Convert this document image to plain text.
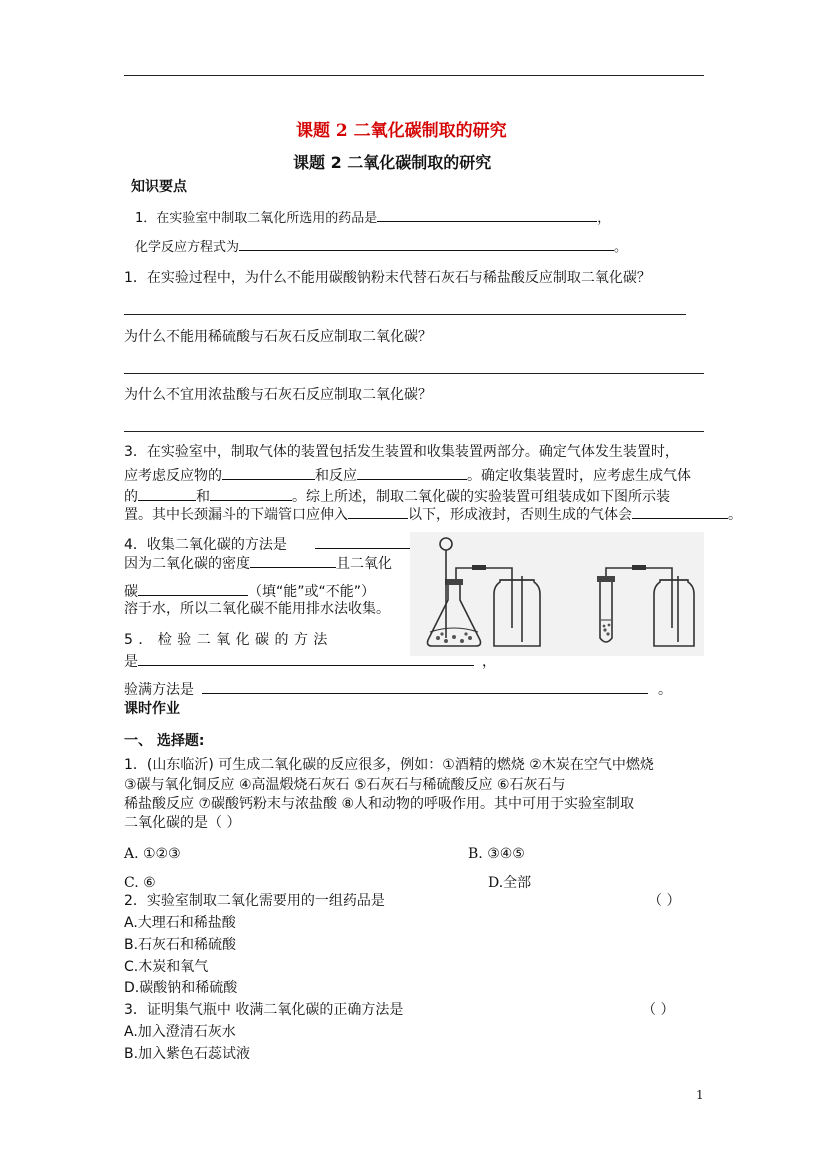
课题 2 二氧化碳制取的研究
课题 2 二氧化碳制取的研究
知识要点
1．在实验室中制取二氧化所选用的药品是	，
化学反应方程式为	。
1．在实验过程中，为什么不能用碳酸钠粉末代替石灰石与稀盐酸反应制取二氧化碳？
为什么不能用稀硫酸与石灰石反应制取二氧化碳？
为什么不宜用浓盐酸与石灰石反应制取二氧化碳？
3．在实验室中，制取气体的装置包括发生装置和收集装置两部分。确定气体发生装置时，
应考虑反应物的	和反应	。确定收集装置时，应考虑生成气体
的	和	。综上所述，制取二氧化碳的实验装置可组装成如下图所示装
置。其中长颈漏斗的下端管口应伸入	以下，形成液封，否则生成的气体会	。
4．收集二氧化碳的方法是
因为二氧化碳的密度	且二氧化
碳	（填“能”或“不能”）
溶于水，所以二氧化碳不能用排水法收集。
5 ． 检 验 二 氧 化 碳 的 方 法
是	，
验满方法是	。
课时作业
一、 选择题:
1．(山东临沂) 可生成二氧化碳的反应很多，例如：①酒精的燃烧 ②木炭在空气中燃烧
③碳与氧化铜反应 ④高温煅烧石灰石 ⑤石灰石与稀硫酸反应 ⑥石灰石与
稀盐酸反应 ⑦碳酸钙粉末与浓盐酸 ⑧人和动物的呼吸作用。其中可用于实验室制取
二氧化碳的是（ ）
A. ①②③	B. ③④⑤
C. ⑥	D.全部
2．实验室制取二氧化需要用的一组药品是	（ ）
A.大理石和稀盐酸
B.石灰石和稀硫酸
C.木炭和氧气
D.碳酸钠和稀硫酸
3．证明集气瓶中 收满二氧化碳的正确方法是	（ ）
A.加入澄清石灰水
B.加入紫色石蕊试液
1
